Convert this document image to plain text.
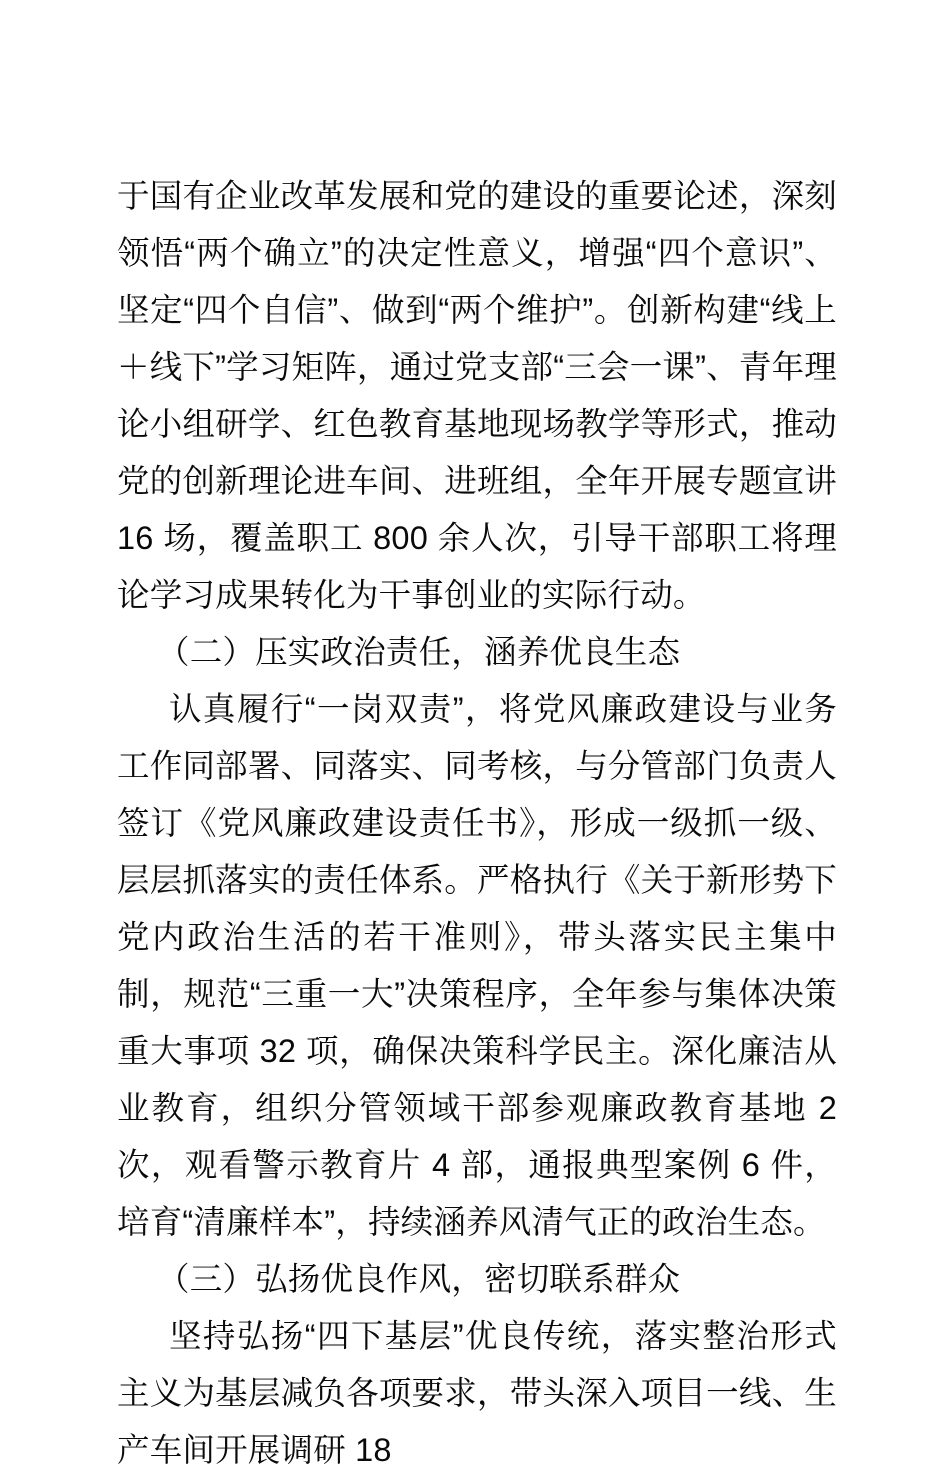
于国有企业改革发展和党的建设的重要论述，深刻领悟“两个确立”的决定性意义，增强“四个意识”、坚定“四个自信”、做到“两个维护”。创新构建“线上＋线下”学习矩阵，通过党支部“三会一课”、青年理论小组研学、红色教育基地现场教学等形式，推动党的创新理论进车间、进班组，全年开展专题宣讲 16 场，覆盖职工 800 余人次，引导干部职工将理论学习成果转化为干事创业的实际行动。

（二）压实政治责任，涵养优良生态

认真履行“一岗双责”，将党风廉政建设与业务工作同部署、同落实、同考核，与分管部门负责人签订《党风廉政建设责任书》，形成一级抓一级、层层抓落实的责任体系。严格执行《关于新形势下党内政治生活的若干准则》，带头落实民主集中制，规范“三重一大”决策程序，全年参与集体决策重大事项 32 项，确保决策科学民主。深化廉洁从业教育，组织分管领域干部参观廉政教育基地 2 次，观看警示教育片 4 部，通报典型案例 6 件，培育“清廉样本”，持续涵养风清气正的政治生态。

（三）弘扬优良作风，密切联系群众

坚持弘扬“四下基层”优良传统，落实整治形式主义为基层减负各项要求，带头深入项目一线、生产车间开展调研 18
